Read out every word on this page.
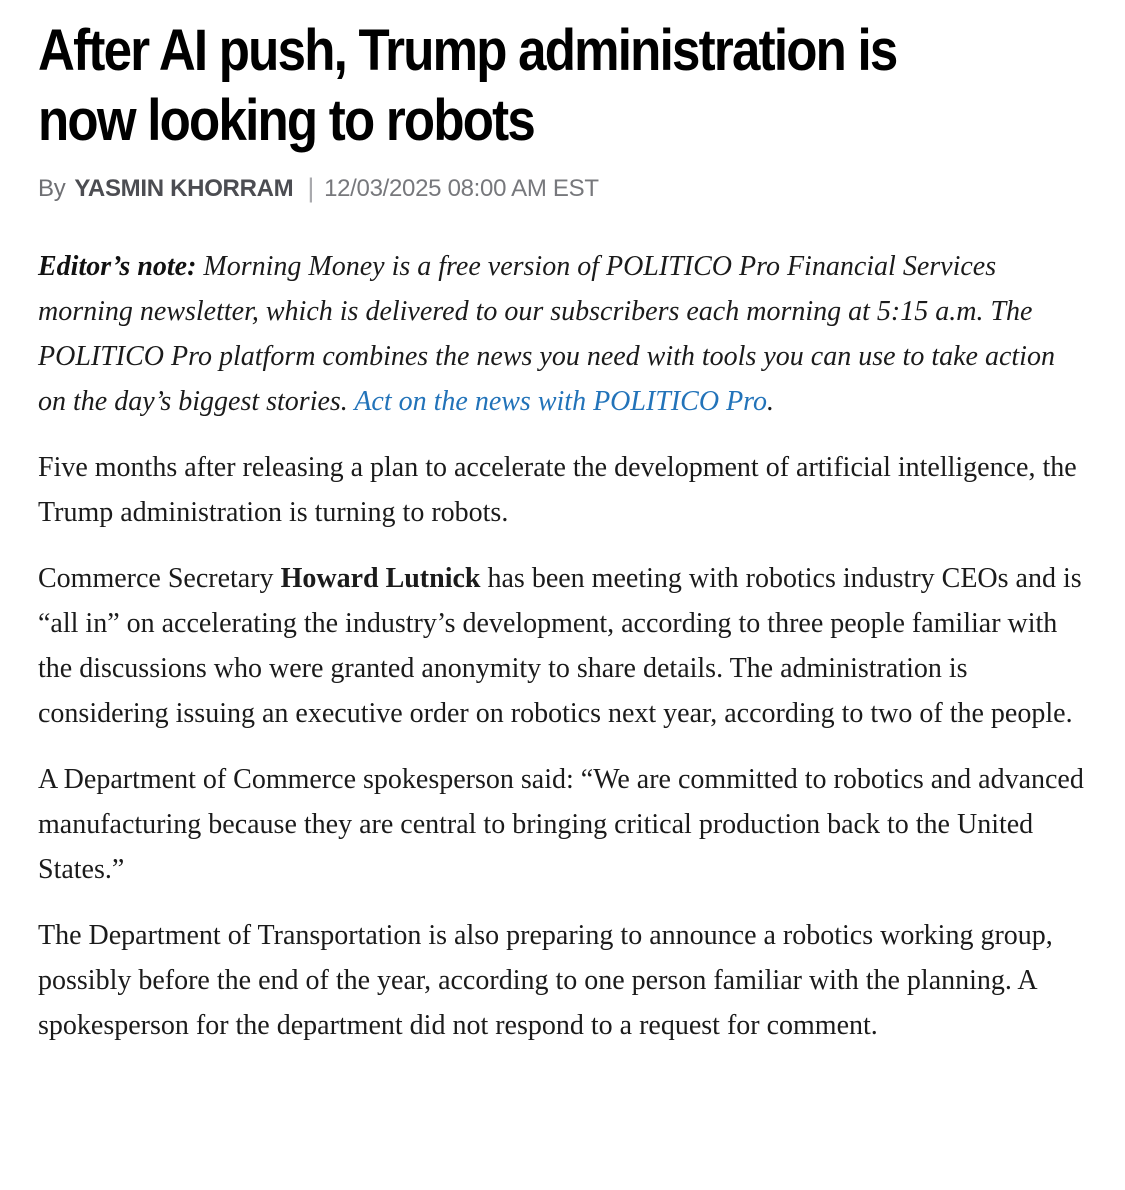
After AI push, Trump administration is
now looking to robots
By YASMIN KHORRAM | 12/03/2025 08:00 AM EST

Editor’s note: Morning Money is a free version of POLITICO Pro Financial Services morning newsletter, which is delivered to our subscribers each morning at 5:15 a.m. The POLITICO Pro platform combines the news you need with tools you can use to take action on the day’s biggest stories. Act on the news with POLITICO Pro.

Five months after releasing a plan to accelerate the development of artificial intelligence, the Trump administration is turning to robots.

Commerce Secretary Howard Lutnick has been meeting with robotics industry CEOs and is “all in” on accelerating the industry’s development, according to three people familiar with the discussions who were granted anonymity to share details. The administration is considering issuing an executive order on robotics next year, according to two of the people.

A Department of Commerce spokesperson said: “We are committed to robotics and advanced manufacturing because they are central to bringing critical production back to the United States.”

The Department of Transportation is also preparing to announce a robotics working group, possibly before the end of the year, according to one person familiar with the planning. A spokesperson for the department did not respond to a request for comment.
